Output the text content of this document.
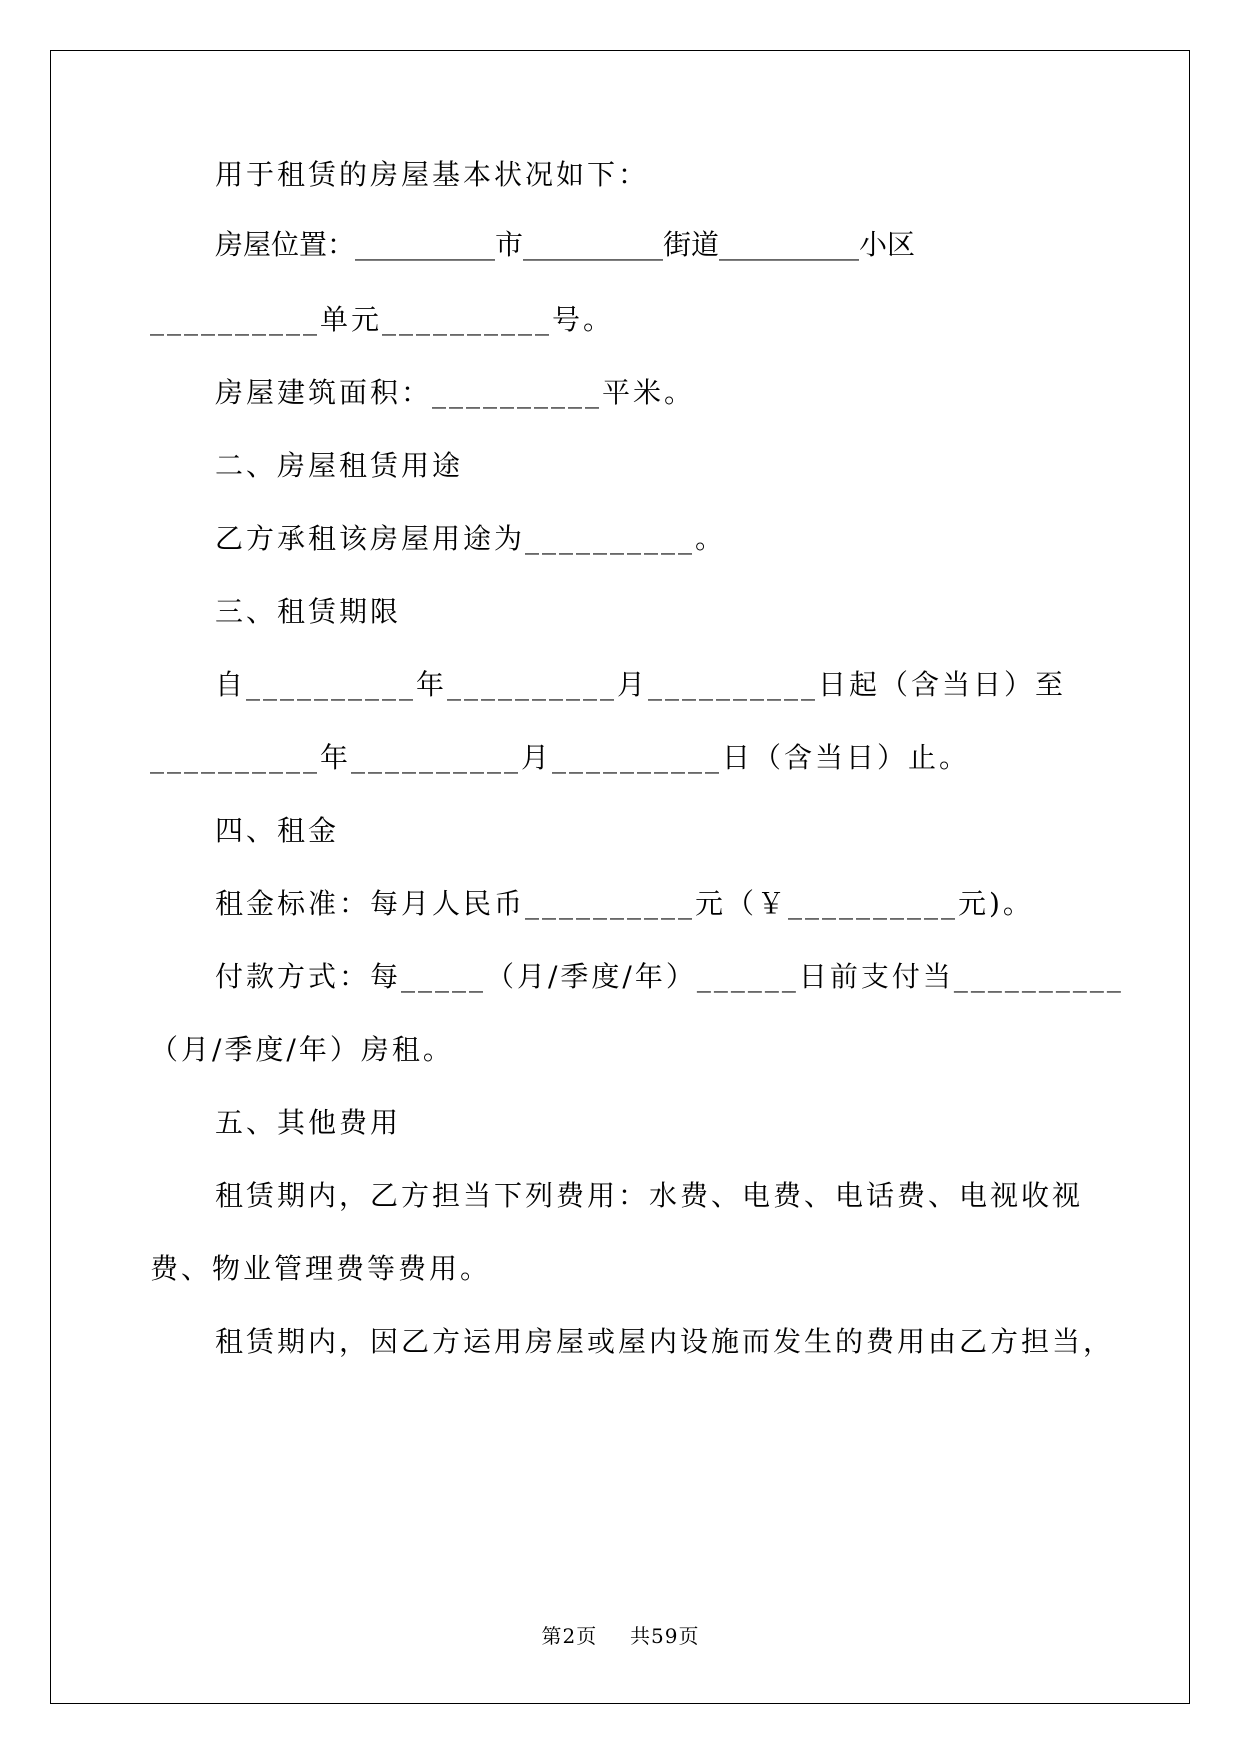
用于租赁的房屋基本状况如下：
房屋位置：__________市__________街道__________小区
__________单元__________号。
房屋建筑面积：__________平米。
二、房屋租赁用途
乙方承租该房屋用途为__________。
三、租赁期限
自__________年__________月__________日起（含当日）至
__________年__________月__________日（含当日）止。
四、租金
租金标准：每月人民币__________元（￥__________元)。
付款方式：每_____（月/季度/年）______日前支付当__________
（月/季度/年）房租。
五、其他费用
租赁期内，乙方担当下列费用：水费、电费、电话费、电视收视
费、物业管理费等费用。
租赁期内，因乙方运用房屋或屋内设施而发生的费用由乙方担当，
第2页 共59页
